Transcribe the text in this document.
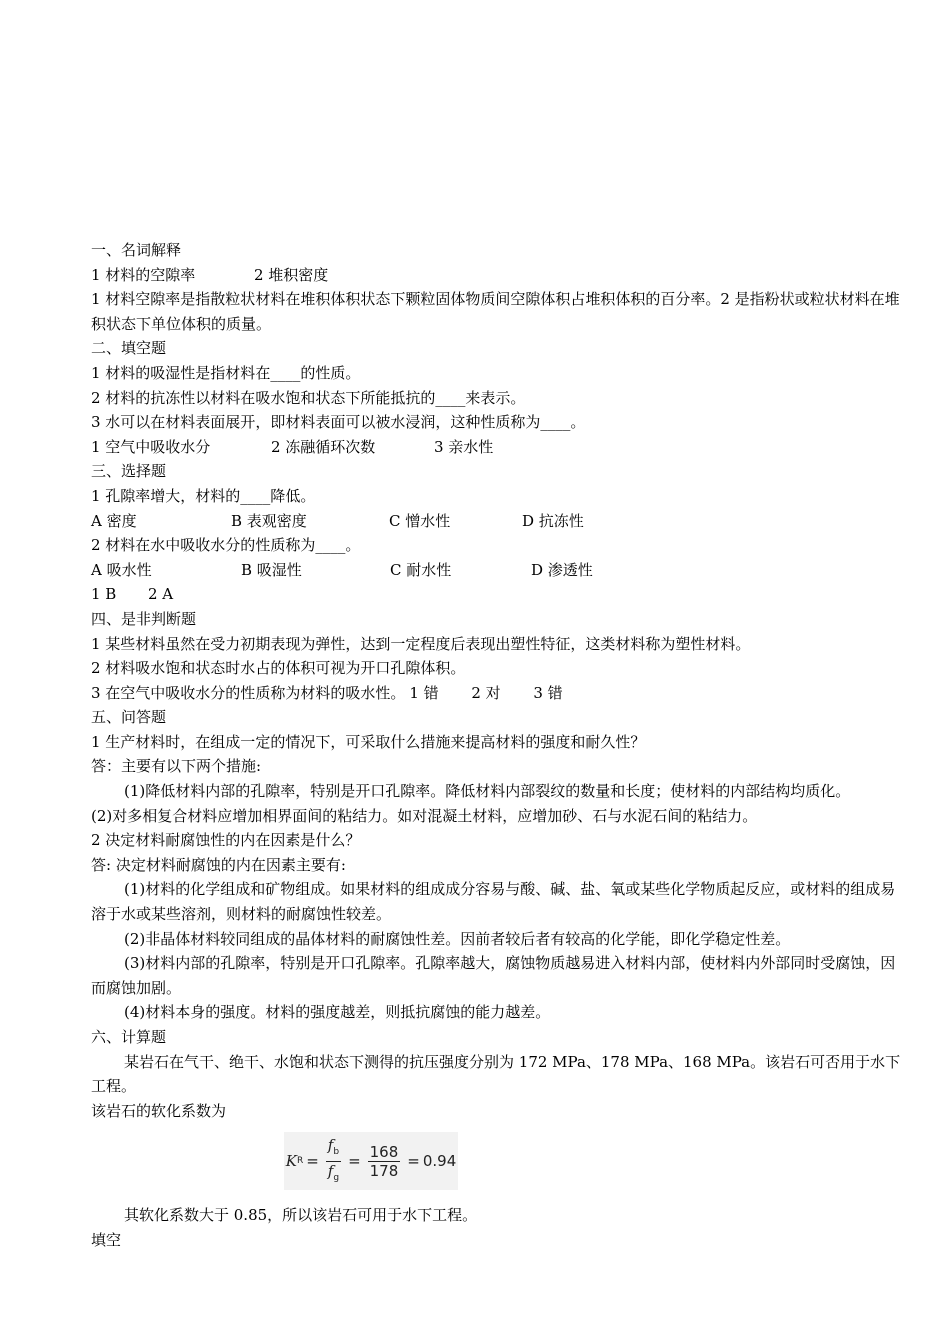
一、名词解释
1 材料的空隙率	2 堆积密度
1 材料空隙率是指散粒状材料在堆积体积状态下颗粒固体物质间空隙体积占堆积体积的百分率。2 是指粉状或粒状材料在堆积状态下单位体积的质量。
二、填空题
1 材料的吸湿性是指材料在____的性质。
2 材料的抗冻性以材料在吸水饱和状态下所能抵抗的____来表示。
3 水可以在材料表面展开，即材料表面可以被水浸润，这种性质称为____。
1 空气中吸收水分	2 冻融循环次数	3 亲水性
三、选择题
1 孔隙率增大，材料的____降低。
A 密度	B 表观密度	C 憎水性	D 抗冻性
2 材料在水中吸收水分的性质称为____。
A 吸水性	B 吸湿性	C 耐水性	D 渗透性
1 B	2 A
四、是非判断题
1 某些材料虽然在受力初期表现为弹性，达到一定程度后表现出塑性特征，这类材料称为塑性材料。
2 材料吸水饱和状态时水占的体积可视为开口孔隙体积。
3 在空气中吸收水分的性质称为材料的吸水性。 1 错	2 对	3 错
五、问答题
1 生产材料时，在组成一定的情况下，可采取什么措施来提高材料的强度和耐久性？
答：主要有以下两个措施:
(1)降低材料内部的孔隙率，特别是开口孔隙率。降低材料内部裂纹的数量和长度；使材料的内部结构均质化。
(2)对多相复合材料应增加相界面间的粘结力。如对混凝土材料，应增加砂、石与水泥石间的粘结力。
2 决定材料耐腐蚀性的内在因素是什么？
答: 决定材料耐腐蚀的内在因素主要有:
(1)材料的化学组成和矿物组成。如果材料的组成成分容易与酸、碱、盐、氧或某些化学物质起反应，或材料的组成易溶于水或某些溶剂，则材料的耐腐蚀性较差。
(2)非晶体材料较同组成的晶体材料的耐腐蚀性差。因前者较后者有较高的化学能，即化学稳定性差。
(3)材料内部的孔隙率，特别是开口孔隙率。孔隙率越大，腐蚀物质越易进入材料内部，使材料内外部同时受腐蚀，因而腐蚀加剧。
(4)材料本身的强度。材料的强度越差，则抵抗腐蚀的能力越差。
六、计算题
某岩石在气干、绝干、水饱和状态下测得的抗压强度分别为 172 MPa、178 MPa、168 MPa。该岩石可否用于水下工程。
该岩石的软化系数为
K $R = \frac{f_b}{f_g} = \frac{168}{178} = 0.94$
其软化系数大于 0.85，所以该岩石可用于水下工程。
填空
